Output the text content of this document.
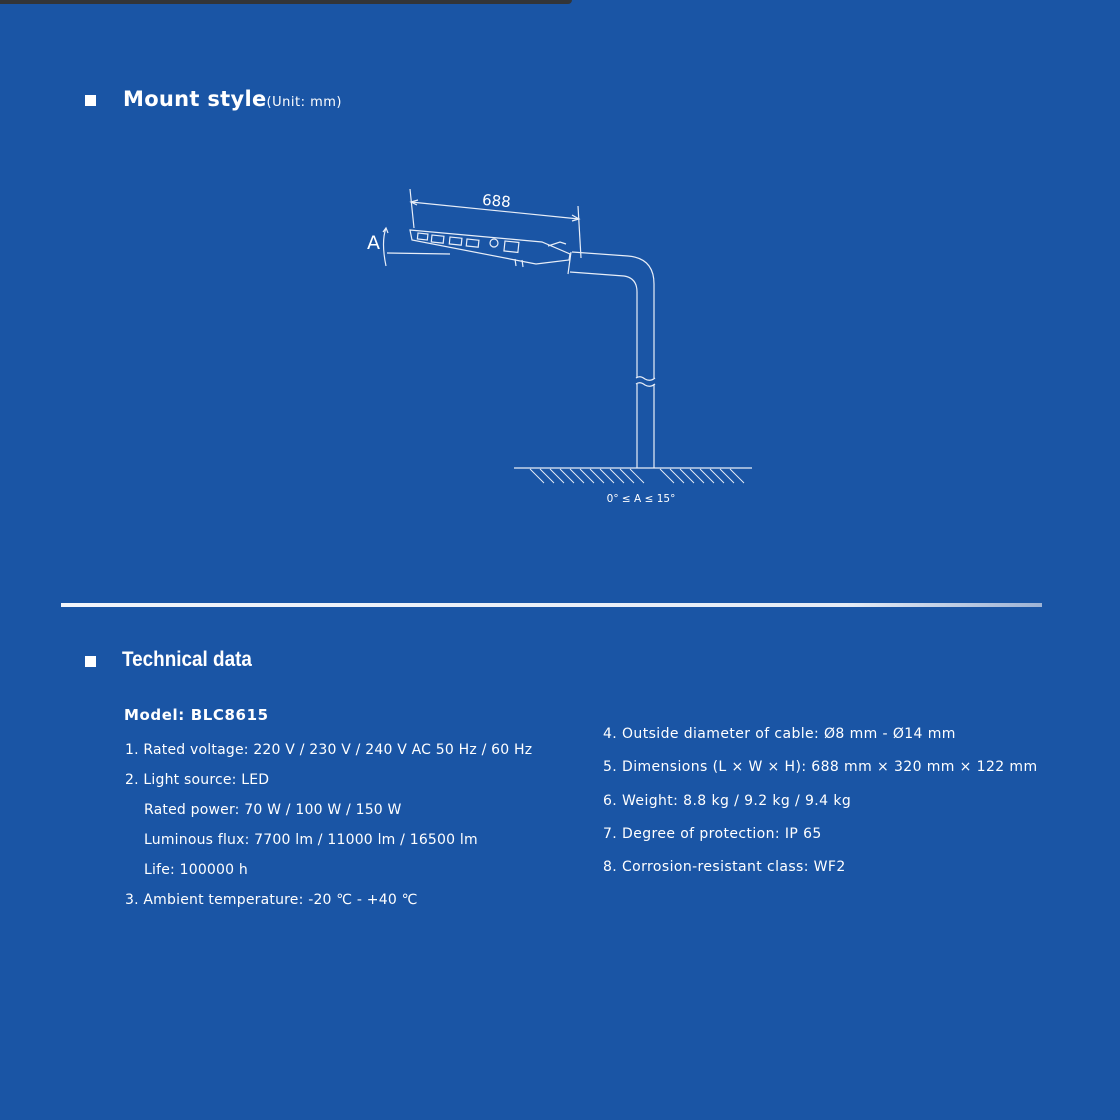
Mount style(Unit: mm)
688
A
0° ≤ A ≤ 15°
Technical data
Model: BLC8615
1. Rated voltage: 220 V / 230 V / 240 V AC 50 Hz / 60 Hz
2. Light source: LED
Rated power: 70 W / 100 W / 150 W
Luminous flux: 7700 lm / 11000 lm / 16500 lm
Life: 100000 h
3. Ambient temperature: -20 ℃ - +40 ℃
4. Outside diameter of cable: Ø8 mm - Ø14 mm
5. Dimensions (L × W × H): 688 mm × 320 mm × 122 mm
6. Weight: 8.8 kg / 9.2 kg / 9.4 kg
7. Degree of protection: IP 65
8. Corrosion-resistant class: WF2
